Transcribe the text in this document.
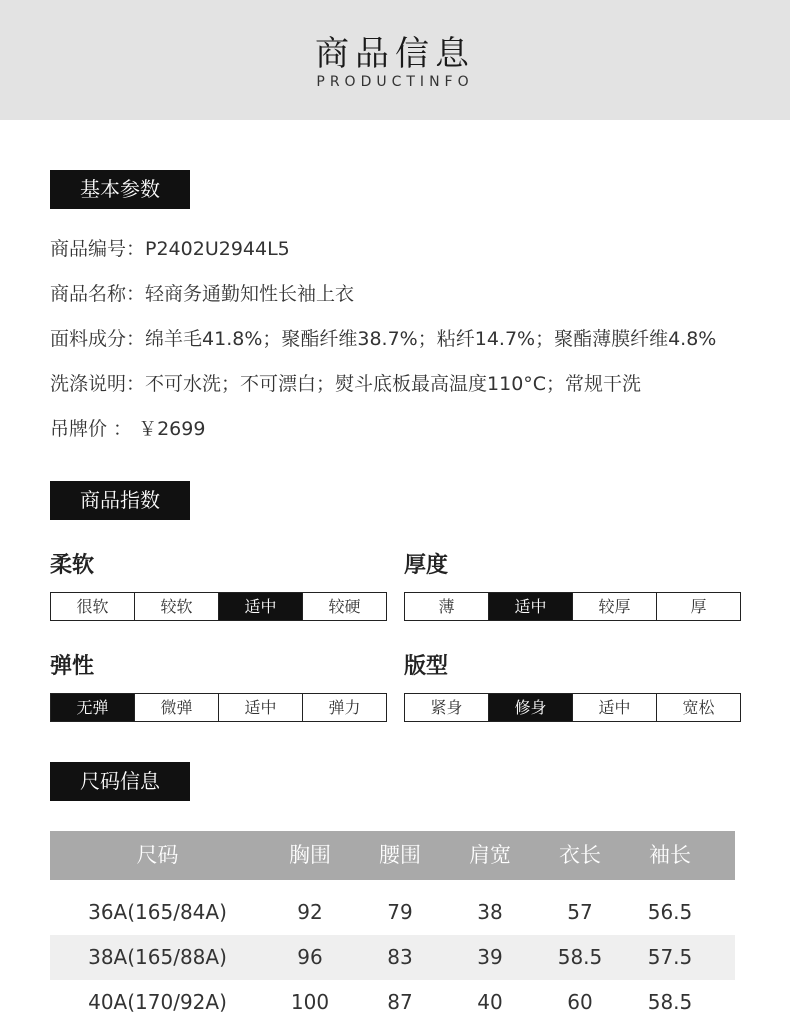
商品信息
PRODUCTINFO
基本参数
商品编号：P2402U2944L5
商品名称：轻商务通勤知性长袖上衣
面料成分：绵羊毛41.8%；聚酯纤维38.7%；粘纤14.7%；聚酯薄膜纤维4.8%
洗涤说明：不可水洗；不可漂白；熨斗底板最高温度110°C；常规干洗
吊牌价 ： ￥2699
商品指数
柔软
很软	较软	适中	较硬
厚度
薄	适中	较厚	厚
弹性
无弹	微弹	适中	弹力
版型
紧身	修身	适中	宽松
尺码信息
尺码	胸围	腰围	肩宽	衣长	袖长
36A(165/84A)	92	79	38	57	56.5
38A(165/88A)	96	83	39	58.5	57.5
40A(170/92A)	100	87	40	60	58.5
